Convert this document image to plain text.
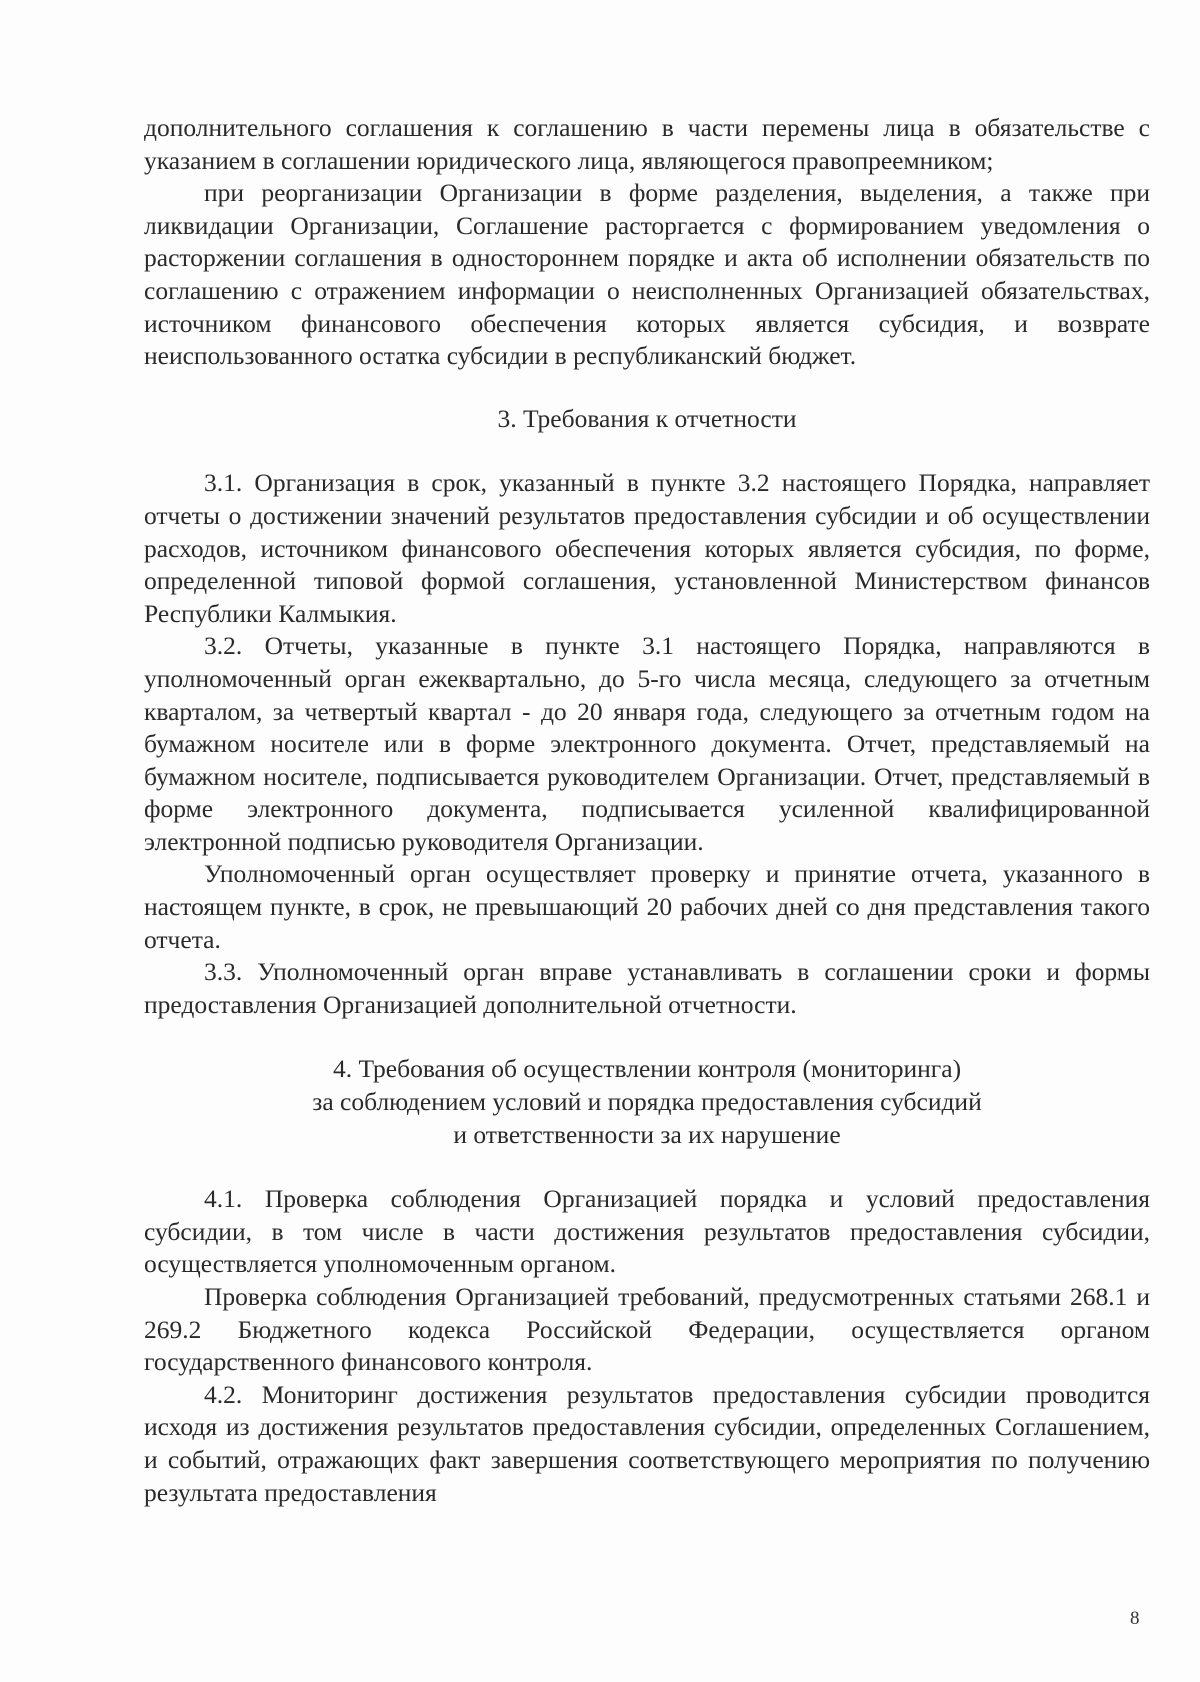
дополнительного соглашения к соглашению в части перемены лица в обязательстве с указанием в соглашении юридического лица, являющегося правопреемником;

при реорганизации Организации в форме разделения, выделения, а также при ликвидации Организации, Соглашение расторгается с формированием уведомления о расторжении соглашения в одностороннем порядке и акта об исполнении обязательств по соглашению с отражением информации о неисполненных Организацией обязательствах, источником финансового обеспечения которых является субсидия, и возврате неиспользованного остатка субсидии в республиканский бюджет.

3. Требования к отчетности

3.1. Организация в срок, указанный в пункте 3.2 настоящего Порядка, направляет отчеты о достижении значений результатов предоставления субсидии и об осуществлении расходов, источником финансового обеспечения которых является субсидия, по форме, определенной типовой формой соглашения, установленной Министерством финансов Республики Калмыкия.

3.2. Отчеты, указанные в пункте 3.1 настоящего Порядка, направляются в уполномоченный орган ежеквартально, до 5-го числа месяца, следующего за отчетным кварталом, за четвертый квартал - до 20 января года, следующего за отчетным годом на бумажном носителе или в форме электронного документа. Отчет, представляемый на бумажном носителе, подписывается руководителем Организации. Отчет, представляемый в форме электронного документа, подписывается усиленной квалифицированной электронной подписью руководителя Организации.

Уполномоченный орган осуществляет проверку и принятие отчета, указанного в настоящем пункте, в срок, не превышающий 20 рабочих дней со дня представления такого отчета.

3.3. Уполномоченный орган вправе устанавливать в соглашении сроки и формы предоставления Организацией дополнительной отчетности.

4. Требования об осуществлении контроля (мониторинга)
за соблюдением условий и порядка предоставления субсидий
и ответственности за их нарушение

4.1. Проверка соблюдения Организацией порядка и условий предоставления субсидии, в том числе в части достижения результатов предоставления субсидии, осуществляется уполномоченным органом.

Проверка соблюдения Организацией требований, предусмотренных статьями 268.1 и 269.2 Бюджетного кодекса Российской Федерации, осуществляется органом государственного финансового контроля.

4.2. Мониторинг достижения результатов предоставления субсидии проводится исходя из достижения результатов предоставления субсидии, определенных Соглашением, и событий, отражающих факт завершения соответствующего мероприятия по получению результата предоставления

8
